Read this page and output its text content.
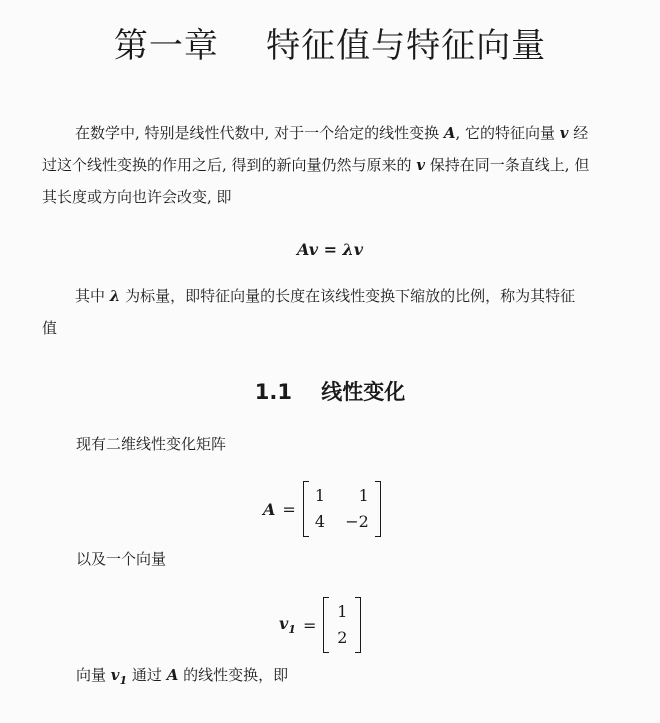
第一章    特征值与特征向量
在数学中, 特别是线性代数中, 对于一个给定的线性变换 A, 它的特征向量 v 经过这个线性变换的作用之后, 得到的新向量仍然与原来的 v 保持在同一条直线上, 但其长度或方向也许会改变, 即
Av = λv
其中 λ 为标量，即特征向量的长度在该线性变换下缩放的比例，称为其特征值
1.1    线性变化
现有二维线性变化矩阵
A =
1	1
4	−2
以及一个向量
$v_1$ =
1
2
向量 $v_1$ 通过 A 的线性变换，即
